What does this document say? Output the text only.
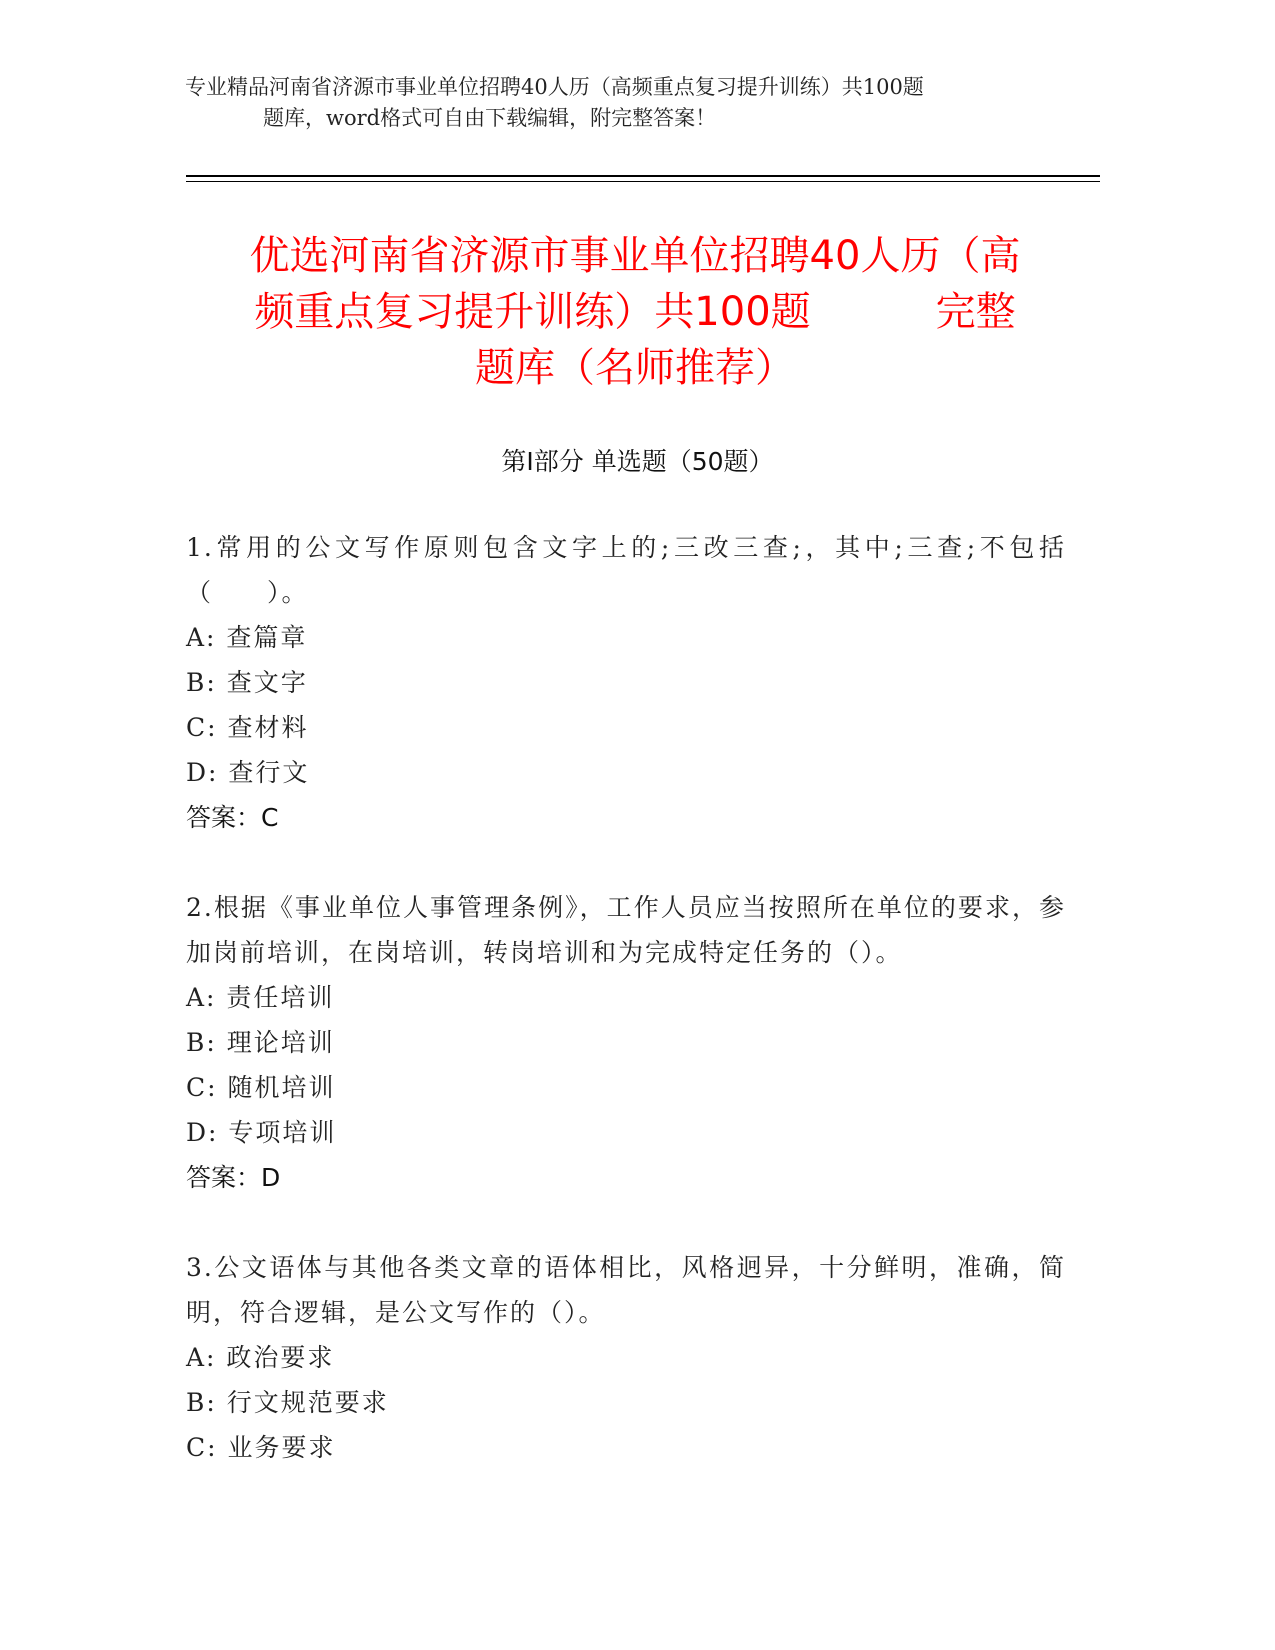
专业精品河南省济源市事业单位招聘40人历（高频重点复习提升训练）共100题
题库，word格式可自由下载编辑，附完整答案！
优选河南省济源市事业单位招聘40人历（高
频重点复习提升训练）共100题	完整
题库（名师推荐）
第Ⅰ部分 单选题（50题）
1.常用的公文写作原则包含文字上的;三改三查;，其中;三查;不包括（　　）。
A: 查篇章
B: 查文字
C: 查材料
D: 查行文
答案：C
2.根据《事业单位人事管理条例》，工作人员应当按照所在单位的要求，参加岗前培训，在岗培训，转岗培训和为完成特定任务的（）。
A: 责任培训
B: 理论培训
C: 随机培训
D: 专项培训
答案：D
3.公文语体与其他各类文章的语体相比，风格迥异，十分鲜明，准确，简明，符合逻辑，是公文写作的（）。
A: 政治要求
B: 行文规范要求
C: 业务要求
